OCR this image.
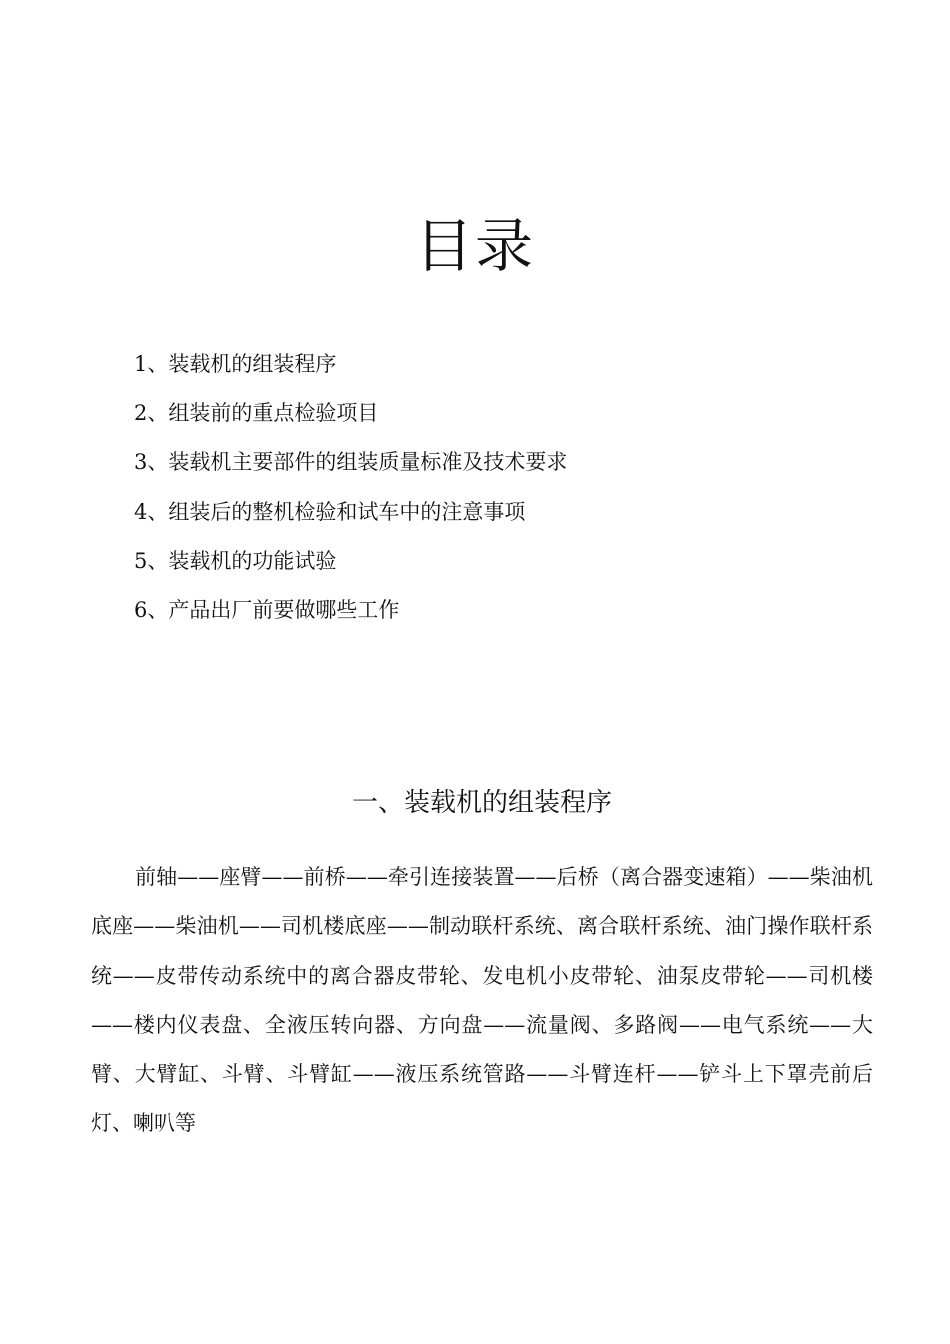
目录
1、装载机的组装程序
2、组装前的重点检验项目
3、装载机主要部件的组装质量标准及技术要求
4、组装后的整机检验和试车中的注意事项
5、装载机的功能试验
6、产品出厂前要做哪些工作
一、装载机的组装程序

前轴——座臂——前桥——牵引连接装置——后桥（离合器变速箱）——柴油机底座——柴油机——司机楼底座——制动联杆系统、离合联杆系统、油门操作联杆系统——皮带传动系统中的离合器皮带轮、发电机小皮带轮、油泵皮带轮——司机楼——楼内仪表盘、全液压转向器、方向盘——流量阀、多路阀——电气系统——大臂、大臂缸、斗臂、斗臂缸——液压系统管路——斗臂连杆——铲斗上下罩壳前后灯、喇叭等
